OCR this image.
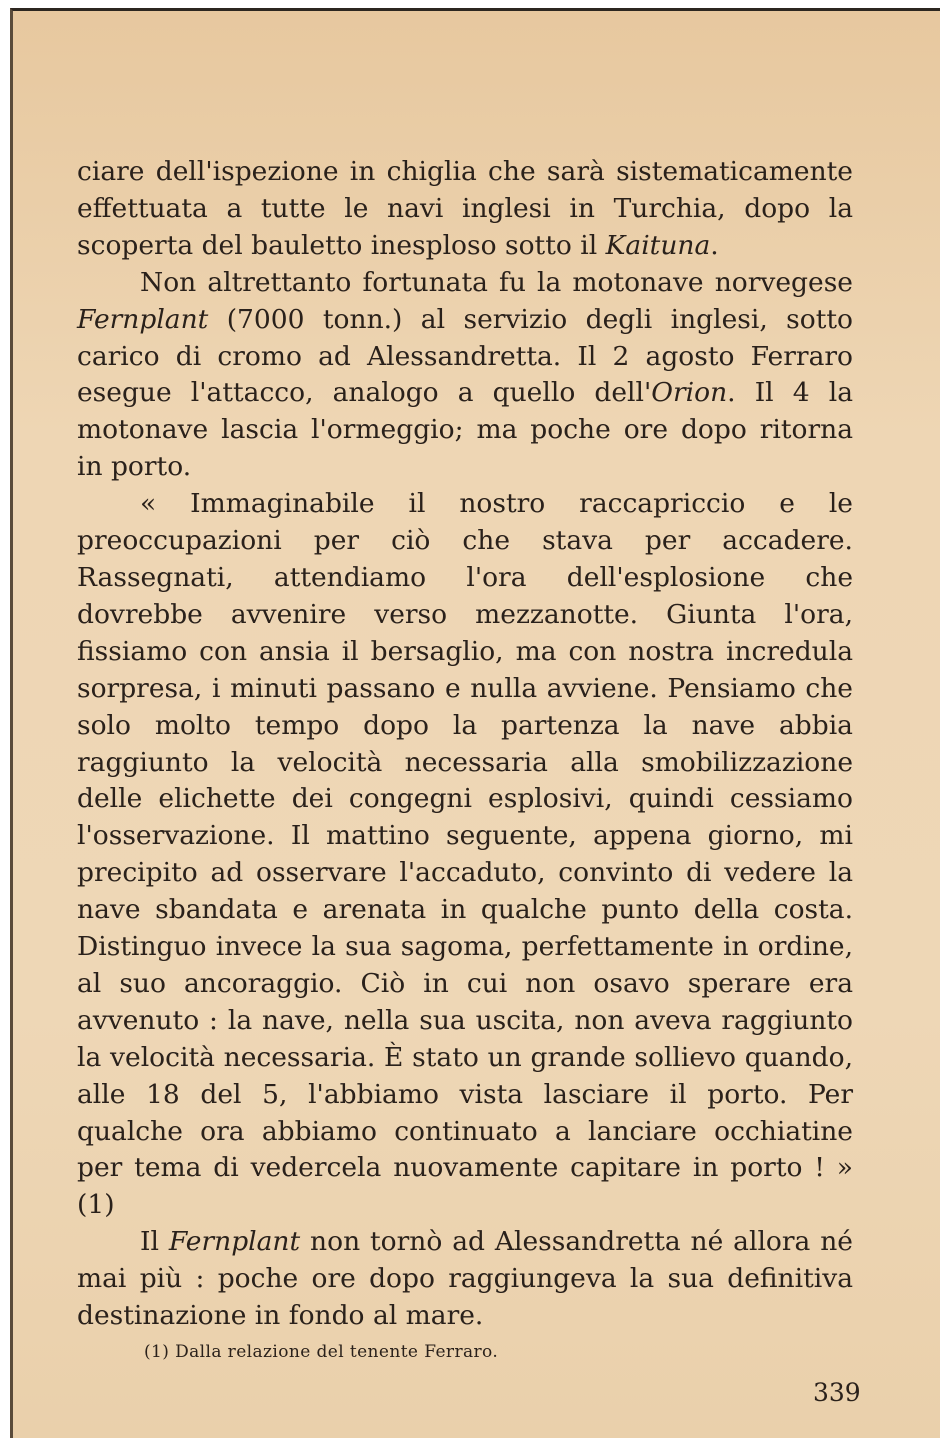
ciare dell'ispezione in chiglia che sarà sistematicamente effettuata a tutte le navi inglesi in Turchia, dopo la scoperta del bauletto inesploso sotto il Kaituna.

Non altrettanto fortunata fu la motonave norvegese Fernplant (7000 tonn.) al servizio degli inglesi, sotto carico di cromo ad Alessandretta. Il 2 agosto Ferraro esegue l'attacco, analogo a quello dell'Orion. Il 4 la motonave lascia l'ormeggio; ma poche ore dopo ritorna in porto.

« Immaginabile il nostro raccapriccio e le preoccupazioni per ciò che stava per accadere. Rassegnati, attendiamo l'ora dell'esplosione che dovrebbe avvenire verso mezzanotte. Giunta l'ora, fissiamo con ansia il bersaglio, ma con nostra incredula sorpresa, i minuti passano e nulla avviene. Pensiamo che solo molto tempo dopo la partenza la nave abbia raggiunto la velocità necessaria alla smobilizzazione delle elichette dei congegni esplosivi, quindi cessiamo l'osservazione. Il mattino seguente, appena giorno, mi precipito ad osservare l'accaduto, convinto di vedere la nave sbandata e arenata in qualche punto della costa. Distinguo invece la sua sagoma, perfettamente in ordine, al suo ancoraggio. Ciò in cui non osavo sperare era avvenuto : la nave, nella sua uscita, non aveva raggiunto la velocità necessaria. È stato un grande sollievo quando, alle 18 del 5, l'abbiamo vista lasciare il porto. Per qualche ora abbiamo continuato a lanciare occhiatine per tema di vedercela nuovamente capitare in porto ! » (1)

Il Fernplant non tornò ad Alessandretta né allora né mai più : poche ore dopo raggiungeva la sua definitiva destinazione in fondo al mare.

(1) Dalla relazione del tenente Ferraro.
339
